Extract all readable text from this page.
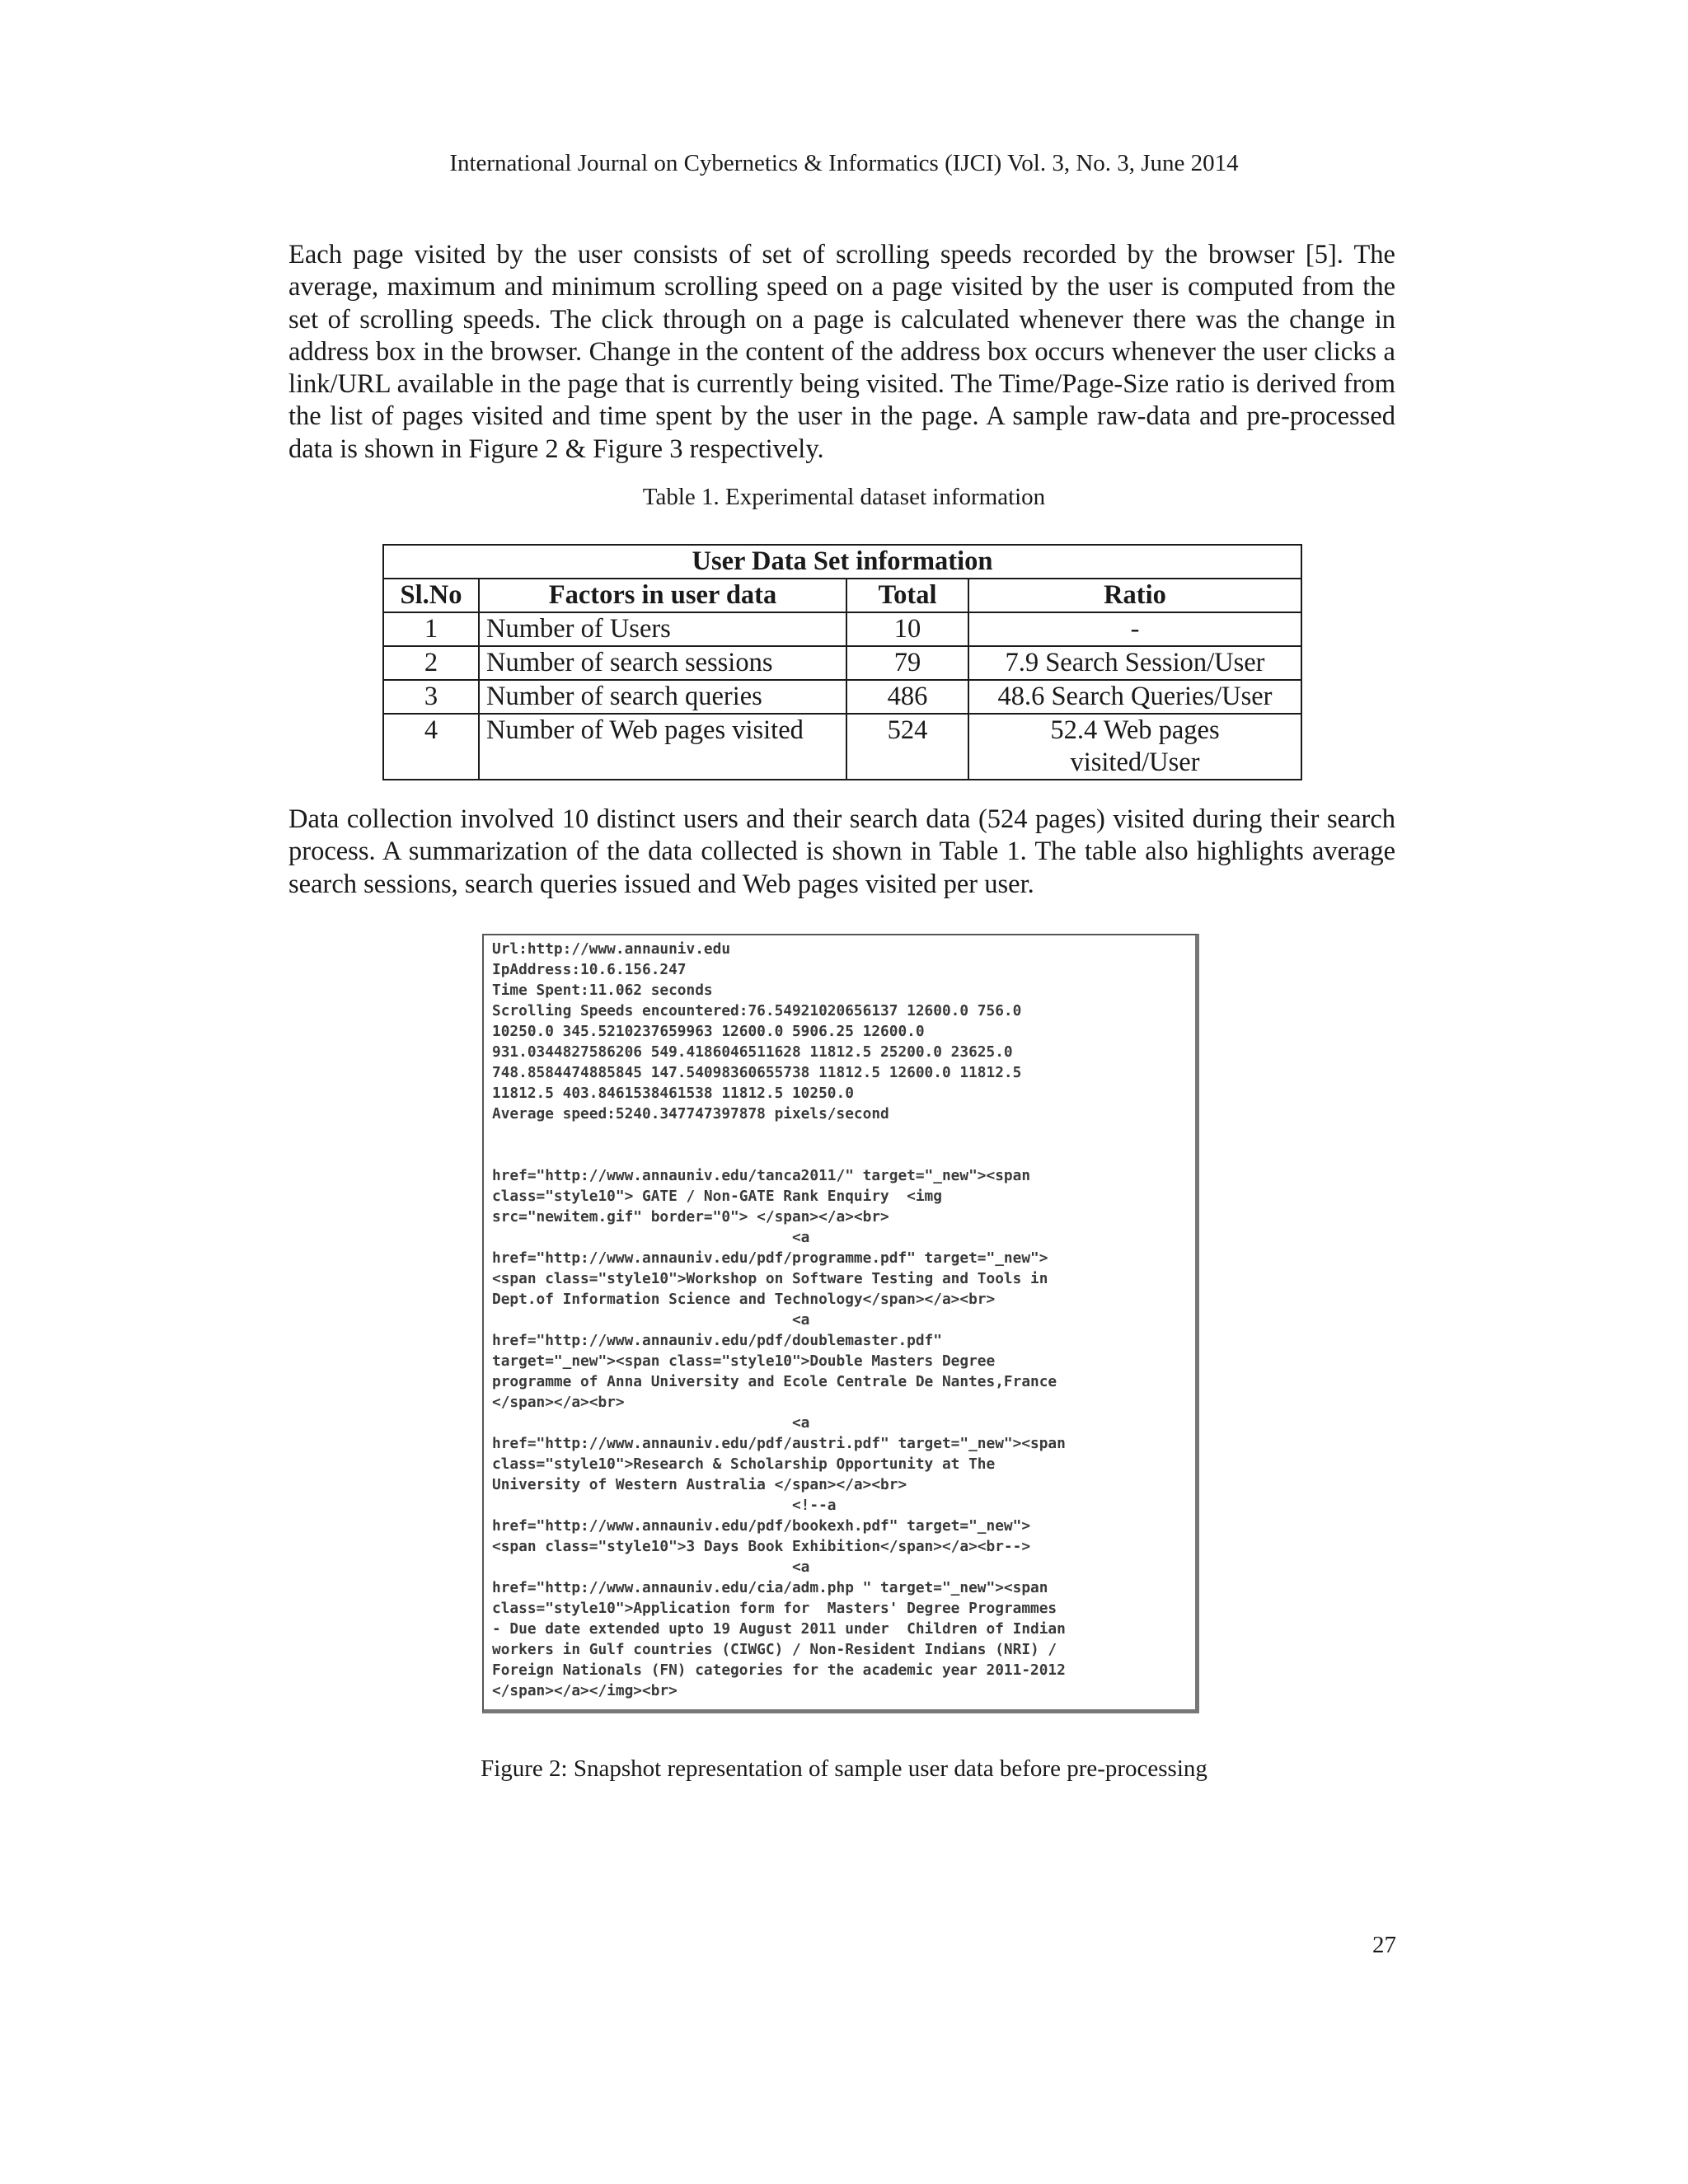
International Journal on Cybernetics & Informatics (IJCI) Vol. 3, No. 3, June 2014

Each page visited by the user consists of set of scrolling speeds recorded by the browser [5]. The average, maximum and minimum scrolling speed on a page visited by the user is computed from the set of scrolling speeds. The click through on a page is calculated whenever there was the change in address box in the browser. Change in the content of the address box occurs whenever the user clicks a link/URL available in the page that is currently being visited. The Time/Page-Size ratio is derived from the list of pages visited and time spent by the user in the page. A sample raw-data and pre-processed data is shown in Figure 2 & Figure 3 respectively.

Table 1. Experimental dataset information
User Data Set information			
Sl.No	Factors in user data	Total	Ratio
1	Number of Users	10	-
2	Number of search sessions	79	7.9 Search Session/User
3	Number of search queries	486	48.6 Search Queries/User
4	Number of Web pages visited	524	52.4 Web pages visited/User

Data collection involved 10 distinct users and their search data (524 pages) visited during their search process. A summarization of the data collected is shown in Table 1. The table also highlights average search sessions, search queries issued and Web pages visited per user.

Url:http://www.annauniv.edu
IpAddress:10.6.156.247
Time Spent:11.062 seconds
Scrolling Speeds encountered:76.54921020656137 12600.0 756.0
10250.0 345.5210237659963 12600.0 5906.25 12600.0
931.0344827586206 549.4186046511628 11812.5 25200.0 23625.0
748.8584474885845 147.54098360655738 11812.5 12600.0 11812.5
11812.5 403.8461538461538 11812.5 10250.0
Average speed:5240.347747397878 pixels/second

href="http://www.annauniv.edu/tanca2011/" target="_new"><span
class="style10"> GATE / Non-GATE Rank Enquiry  <img
src="newitem.gif" border="0"> </span></a><br>
<a
href="http://www.annauniv.edu/pdf/programme.pdf" target="_new">
<span class="style10">Workshop on Software Testing and Tools in
Dept.of Information Science and Technology</span></a><br>
<a
href="http://www.annauniv.edu/pdf/doublemaster.pdf"
target="_new"><span class="style10">Double Masters Degree
programme of Anna University and Ecole Centrale De Nantes,France
</span></a><br>
<a
href="http://www.annauniv.edu/pdf/austri.pdf" target="_new"><span
class="style10">Research & Scholarship Opportunity at The
University of Western Australia </span></a><br>
<!--a
href="http://www.annauniv.edu/pdf/bookexh.pdf" target="_new">
<span class="style10">3 Days Book Exhibition</span></a><br-->
<a
href="http://www.annauniv.edu/cia/adm.php " target="_new"><span
class="style10">Application form for  Masters' Degree Programmes
- Due date extended upto 19 August 2011 under  Children of Indian
workers in Gulf countries (CIWGC) / Non-Resident Indians (NRI) /
Foreign Nationals (FN) categories for the academic year 2011-2012
</span></a></img><br>

Figure 2: Snapshot representation of sample user data before pre-processing
27
